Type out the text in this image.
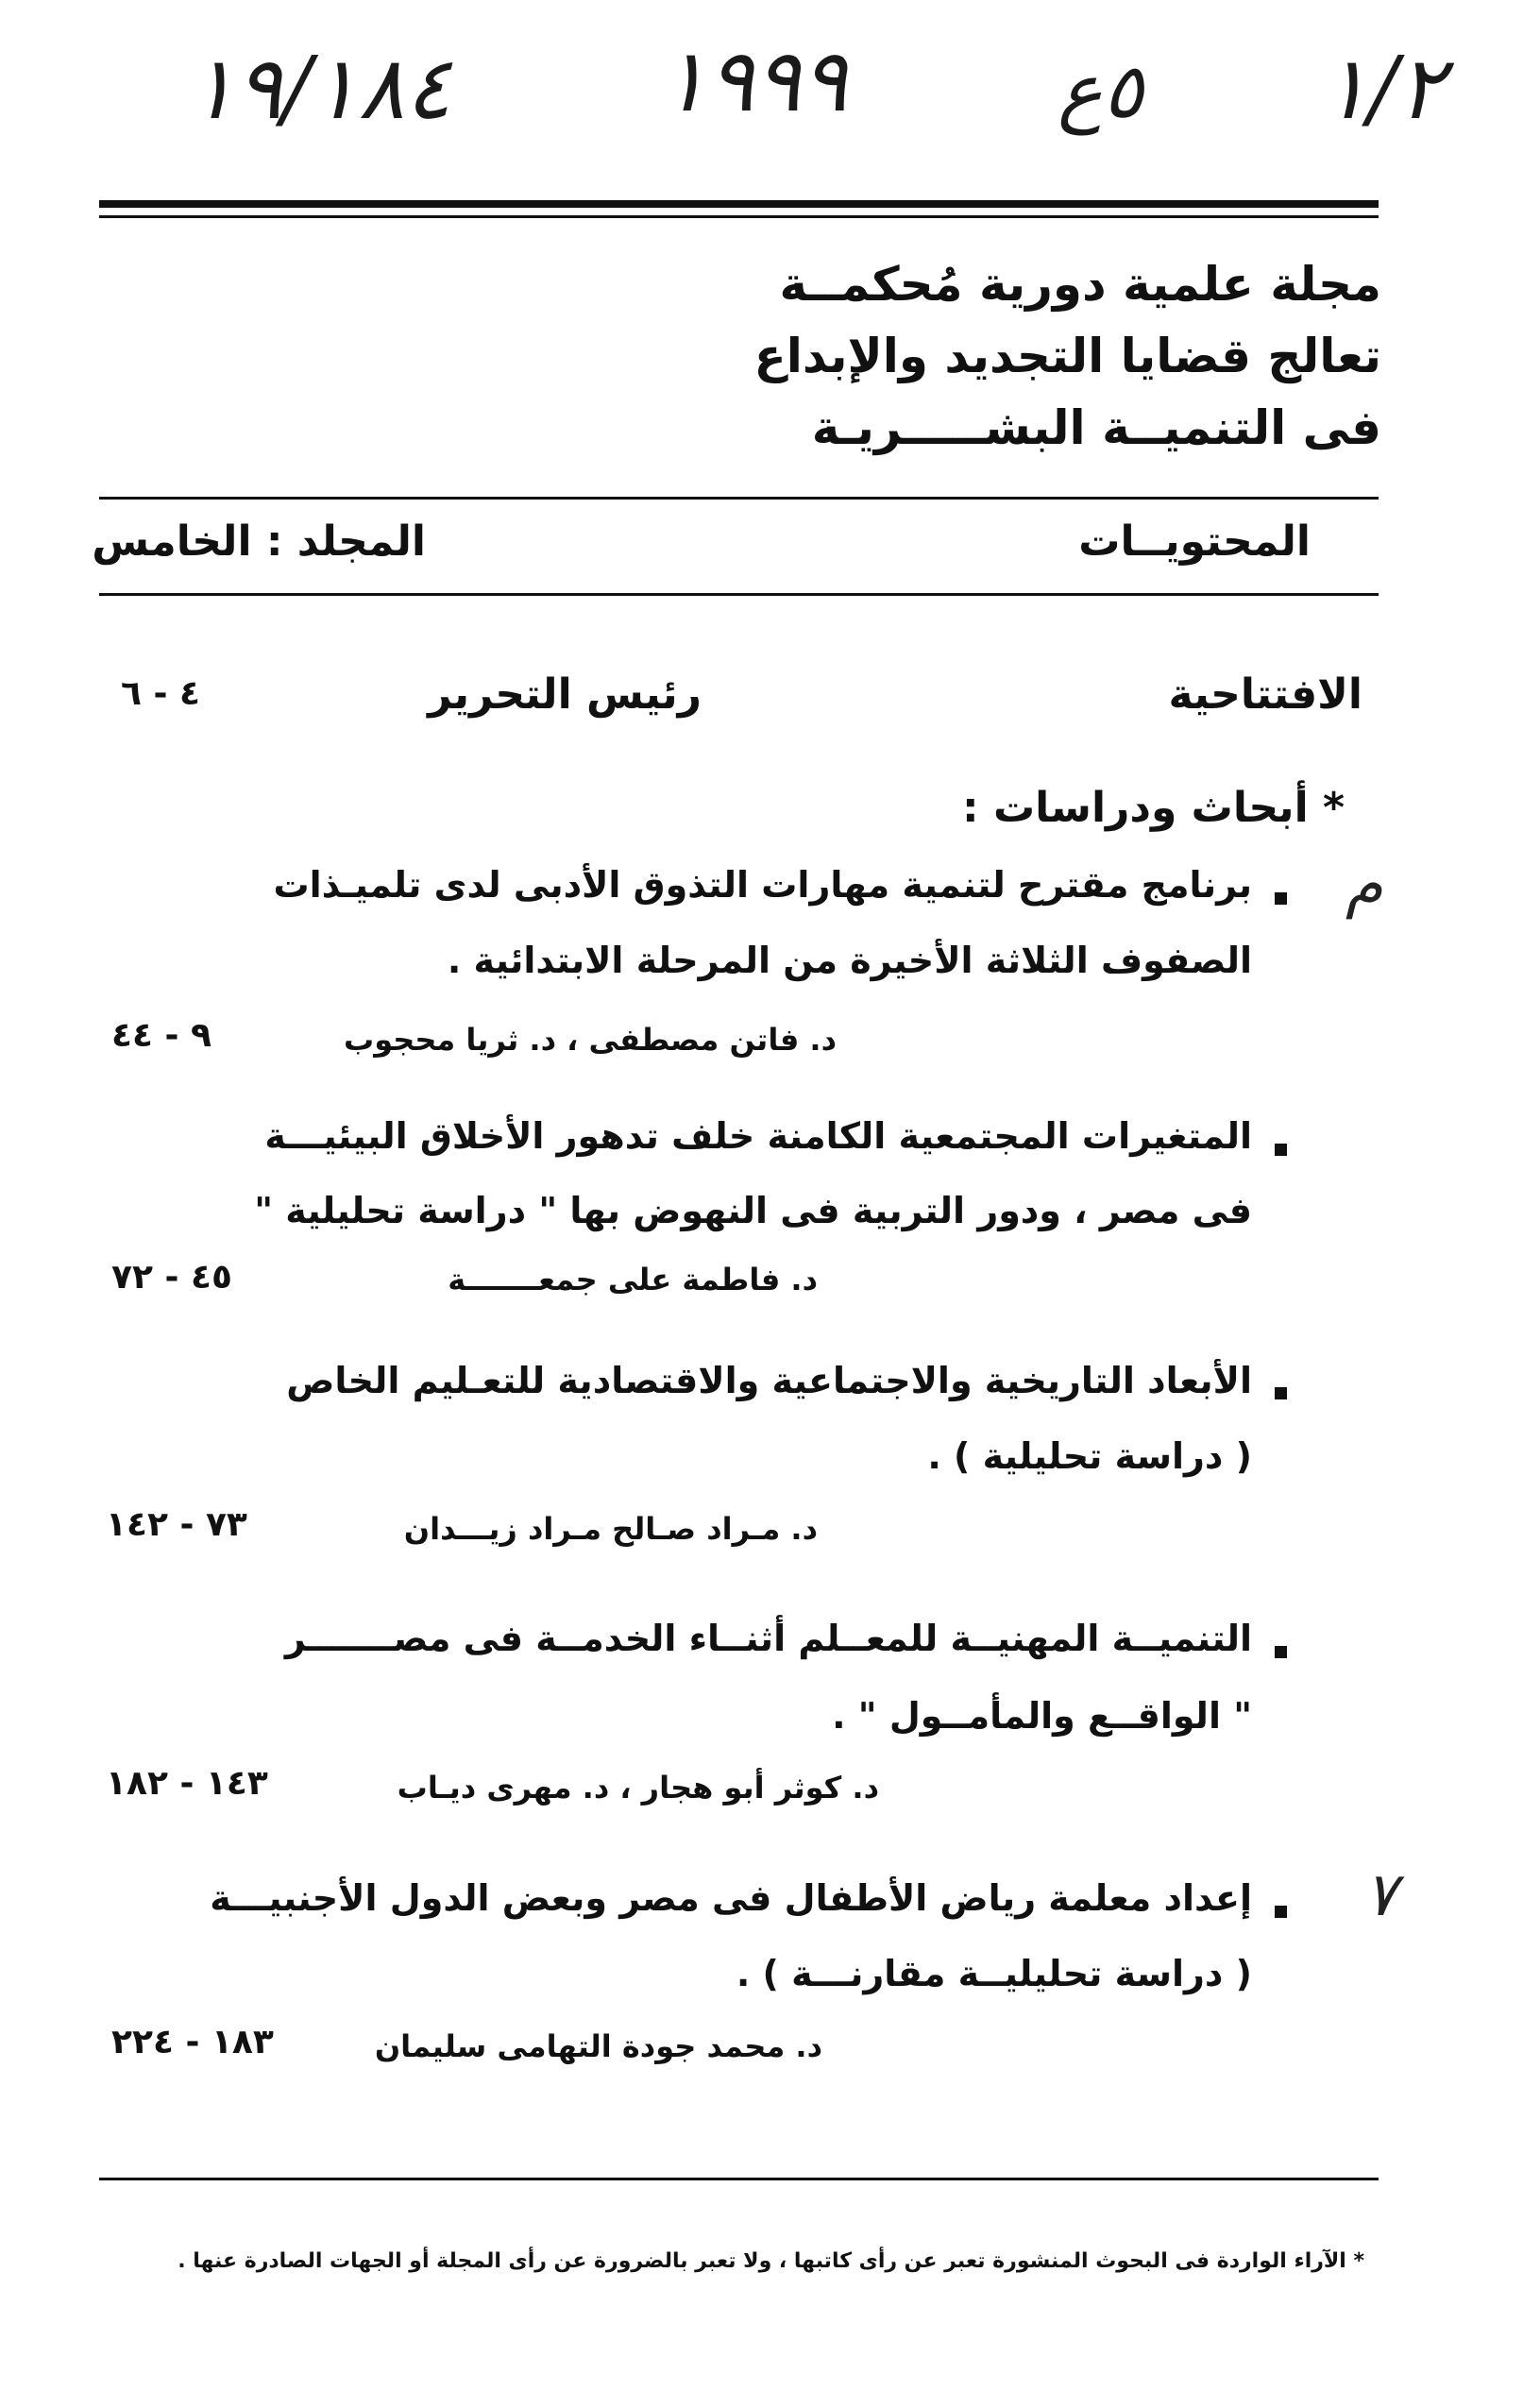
١٩/١٨٤ ١٩٩٩	٥ع ١/٢
مجلة علمية دورية مُحكمــة
تعالج قضايا التجديد والإبداع
فى التنميــة البشـــــريـة
المحتويــات
المجلد : الخامس
الافتتاحية
رئيس التحرير
٤ - ٦
* أبحاث ودراسات :
م
برنامج مقترح لتنمية مهارات التذوق الأدبى لدى تلميـذات
الصفوف الثلاثة الأخيرة من المرحلة الابتدائية .
د. فاتن مصطفى ، د. ثريا محجوب
٩ - ٤٤
المتغيرات المجتمعية الكامنة خلف تدهور الأخلاق البيئيـــة
فى مصر ، ودور التربية فى النهوض بها " دراسة تحليلية "
د. فاطمة على جمعـــــــة
٤٥ - ٧٢
الأبعاد التاريخية والاجتماعية والاقتصادية للتعـليم الخاص
( دراسة تحليلية ) .
د. مـراد صـالح مـراد زيـــدان
٧٣ - ١٤٢
التنميــة المهنيــة للمعــلم أثنــاء الخدمــة فى مصـــــــر
" الواقــع والمأمــول " .
د. كوثر أبو هجار ، د. مهرى ديـاب
١٤٣ - ١٨٢
٧
إعداد معلمة رياض الأطفال فى مصر وبعض الدول الأجنبيـــة
( دراسة تحليليــة مقارنـــة ) .
د. محمد جودة التهامى سليمان
١٨٣ - ٢٢٤
* الآراء الواردة فى البحوث المنشورة تعبر عن رأى كاتبها ، ولا تعبر بالضرورة عن رأى المجلة أو الجهات الصادرة عنها .
